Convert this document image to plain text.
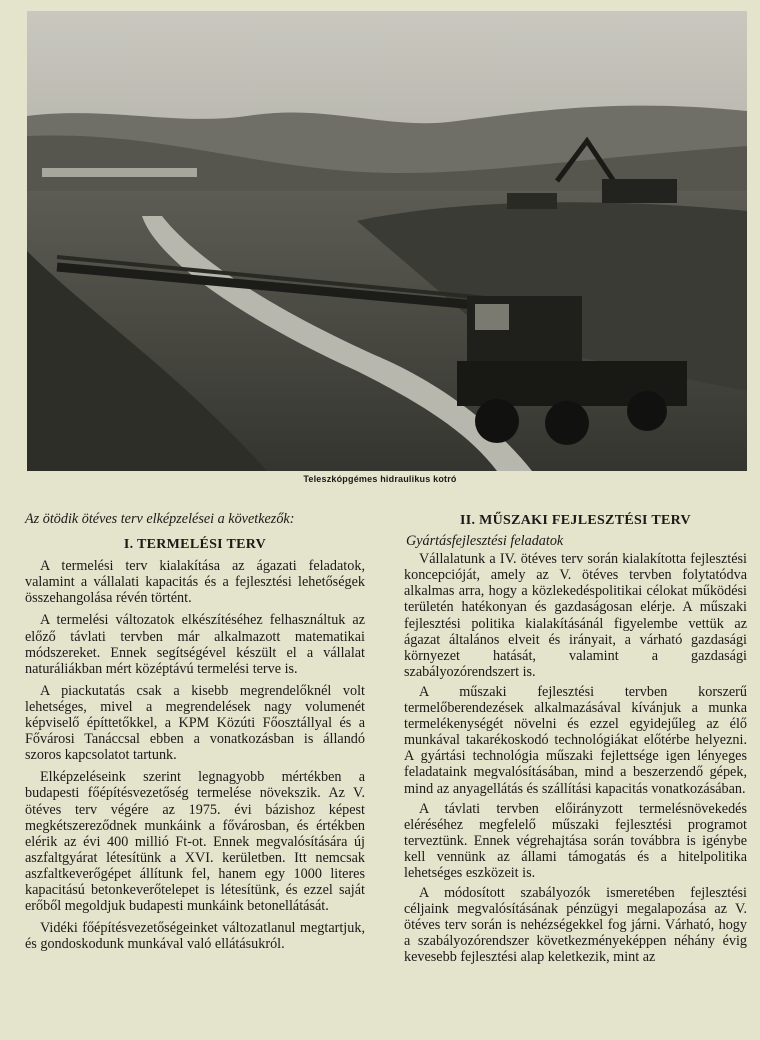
Teleszkópgémes hidraulikus kotró
Az ötödik ötéves terv elképzelései a következők:
I. TERMELÉSI TERV

A termelési terv kialakítása az ágazati feladatok, valamint a vállalati kapacitás és a fejlesztési lehetőségek összehangolása révén történt.

A termelési változatok elkészítéséhez felhasználtuk az előző távlati tervben már alkalmazott matematikai módszereket. Ennek segítségével készült el a vállalat naturáliákban mért középtávú termelési terve is.

A piackutatás csak a kisebb megrendelőknél volt lehetséges, mivel a megrendelések nagy volumenét képviselő építtetőkkel, a KPM Közúti Főosztállyal és a Fővárosi Tanáccsal ebben a vonatkozásban is állandó szoros kapcsolatot tartunk.

Elképzeléseink szerint legnagyobb mértékben a budapesti főépítésvezetőség termelése növekszik. Az V. ötéves terv végére az 1975. évi bázishoz képest megkétszereződnek munkáink a fővárosban, és értékben elérik az évi 400 millió Ft-ot. Ennek megvalósítására új aszfaltgyárat létesítünk a XVI. kerületben. Itt nemcsak aszfaltkeverőgépet állítunk fel, hanem egy 1000 literes kapacitású betonkeverőtelepet is létesítünk, és ezzel saját erőből megoldjuk budapesti munkáink betonellátását.

Vidéki főépítésvezetőségeinket változatlanul megtartjuk, és gondoskodunk munkával való ellátásukról.

II. MŰSZAKI FEJLESZTÉSI TERV
Gyártásfejlesztési feladatok

Vállalatunk a IV. ötéves terv során kialakította fejlesztési koncepcióját, amely az V. ötéves tervben folytatódva alkalmas arra, hogy a közlekedéspolitikai célokat működési területén hatékonyan és gazdaságosan elérje. A műszaki fejlesztési politika kialakításánál figyelembe vettük az ágazat általános elveit és irányait, a várható gazdasági környezet hatását, valamint a gazdasági szabályozórendszert is.

A műszaki fejlesztési tervben korszerű termelőberendezések alkalmazásával kívánjuk a munka termelékenységét növelni és ezzel egyidejűleg az élő munkával takarékoskodó technológiákat előtérbe helyezni. A gyártási technológia műszaki fejlettsége igen lényeges feladataink megvalósításában, mind a beszerzendő gépek, mind az anyagellátás és szállítási kapacitás vonatkozásában.

A távlati tervben előirányzott termelésnövekedés eléréséhez megfelelő műszaki fejlesztési programot terveztünk. Ennek végrehajtása során továbbra is igénybe kell vennünk az állami támogatás és a hitelpolitika lehetséges eszközeit is.

A módosított szabályozók ismeretében fejlesztési céljaink megvalósításának pénzügyi megalapozása az V. ötéves terv során is nehézségekkel fog járni. Várható, hogy a szabályozórendszer következményeképpen néhány évig kevesebb fejlesztési alap keletkezik, mint az
